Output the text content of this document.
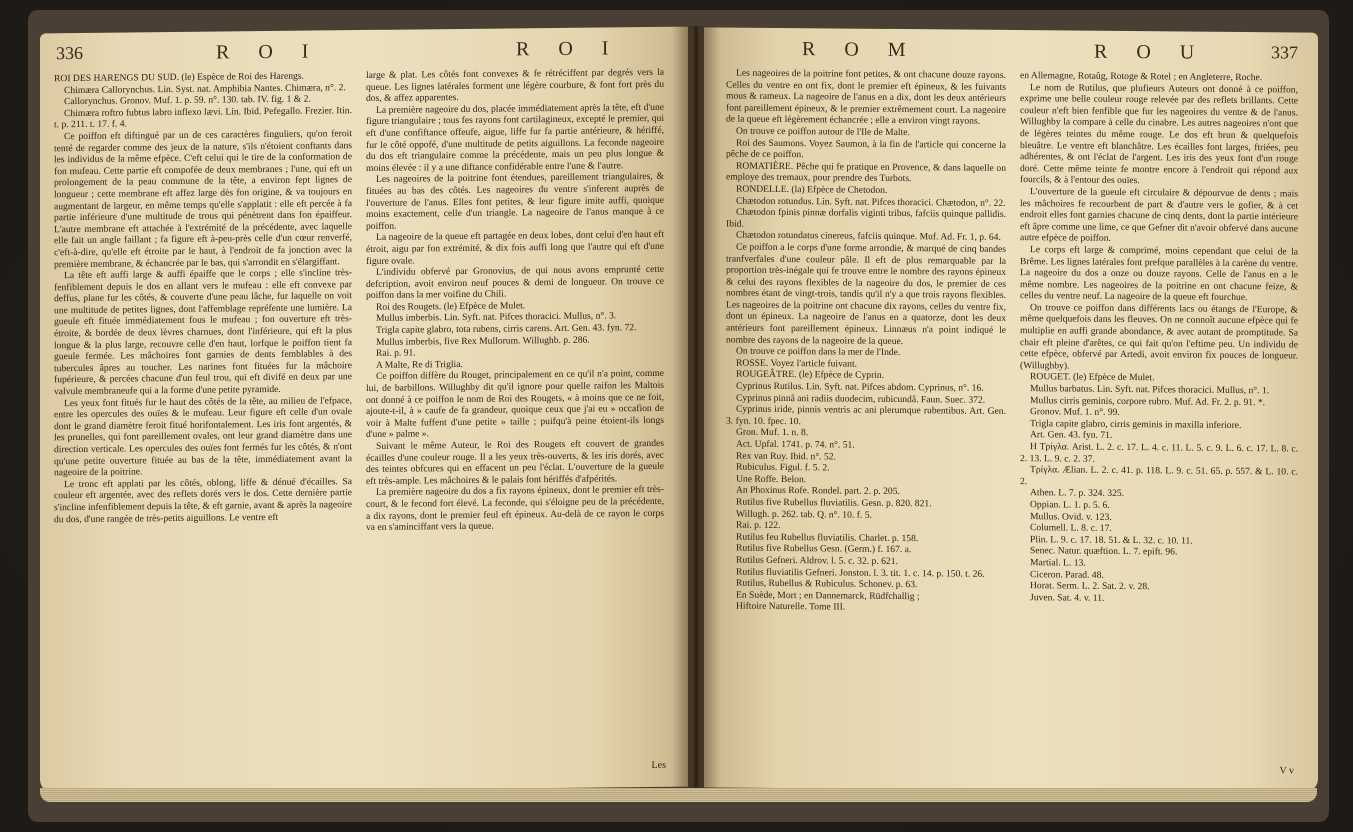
336	R O I	R O I

ROI DES HARENGS DU SUD. (le) Espèce de Roi des Harengs.

Chimæra Callorynchus. Lin. Syst. nat. Amphibia Nantes. Chimæra, n°. 2.

Callorynchus. Gronov. Muf. 1. p. 59. n°. 130. tab. IV. fig. 1 & 2.

Chimæra roftro fubtus labro inflexo lævi. Lin. Ibid. Pefegallo. Frezier. Itin. t. p. 211. t. 17. f. 4.

Ce poiffon eft diftingué par un de ces caractères finguliers, qu'on feroit tenté de regarder comme des jeux de la nature, s'ils n'étoient conftants dans les individus de la même efpèce. C'eft celui qui le tire de la conformation de fon mufeau. Cette partie eft compofée de deux membranes ; l'une, qui eft un prolongement de la peau commune de la tête, a environ fept lignes de longueur ; cette membrane eft affez large dès fon origine, & va toujours en augmentant de largeur, en même temps qu'elle s'applatit : elle eft percée à fa partie inférieure d'une multitude de trous qui pénètrent dans fon épaiffeur. L'autre membrane eft attachée à l'extrémité de la précédente, avec laquelle elle fait un angle faillant ; fa figure eft à-peu-près celle d'un cœur renverfé, c'eft-à-dire, qu'elle eft étroite par le haut, à l'endroit de fa jonction avec la première membrane, & échancrée par le bas, qui s'arrondit en s'élargiffant.

La tête eft auffi large & auffi épaiffe que le corps ; elle s'incline très-fenfiblement depuis le dos en allant vers le mufeau : elle eft convexe par deffus, plane fur les côtés, & couverte d'une peau lâche, fur laquelle on voit une multitude de petites lignes, dont l'affemblage repréfente une lumière. La gueule eft fituée immédiatement fous le mufeau ; fon ouverture eft très-étroite, & bordée de deux lèvres charnues, dont l'inférieure, qui eft la plus longue & la plus large, recouvre celle d'en haut, lorfque le poiffon tient fa gueule fermée. Les mâchoires font garnies de dents femblables à des tubercules âpres au toucher. Les narines font fituées fur la mâchoire fupérieure, & percées chacune d'un feul trou, qui eft divifé en deux par une valvule membraneufe qui a la forme d'une petite pyramide.

Les yeux font fitués fur le haut des côtés de la tête, au milieu de l'efpace, entre les opercules des ouïes & le mufeau. Leur figure eft celle d'un ovale dont le grand diamètre feroit fitué horifontalement. Les iris font argentés, & les prunelles, qui font pareillement ovales, ont leur grand diamètre dans une direction verticale. Les opercules des ouïes font fermés fur les côtés, & n'ont qu'une petite ouverture fituée au bas de la tête, immédiatement avant la nageoire de la poitrine.

Le tronc eft applati par les côtés, oblong, liffe & dénué d'écailles. Sa couleur eft argentée, avec des reflets dorés vers le dos. Cette dernière partie s'incline infenfiblement depuis la tête, & eft garnie, avant & après la nageoire du dos, d'une rangée de très-petits aiguillons. Le ventre eft

large & plat. Les côtés font convexes & fe rétréciffent par degrés vers la queue. Les lignes latérales forment une légère courbure, & font fort près du dos, & affez apparentes.

La première nageoire du dos, placée immédiatement après la tête, eft d'une figure triangulaire ; tous fes rayons font cartilagineux, excepté le premier, qui eft d'une confiftance offeufe, aigue, liffe fur fa partie antérieure, & hériffé, fur le côté oppofé, d'une multitude de petits aiguillons. La feconde nageoire du dos eft triangulaire comme la précédente, mais un peu plus longue & moins élevée : il y a une diftance confidérable entre l'une & l'autre.

Les nageoires de la poitrine font étendues, pareillement triangulaires, & fituées au bas des côtés. Les nageoires du ventre s'inferent auprès de l'ouverture de l'anus. Elles font petites, & leur figure imite auffi, quoique moins exactement, celle d'un triangle. La nageoire de l'anus manque à ce poiffon.

La nageoire de la queue eft partagée en deux lobes, dont celui d'en haut eft étroit, aigu par fon extrémité, & dix fois auffi long que l'autre qui eft d'une figure ovale.

L'individu obfervé par Gronovius, de qui nous avons emprunté cette defcription, avoit environ neuf pouces & demi de longueur. On trouve ce poiffon dans la mer voifine du Chili.

Roi des Rougets. (le) Efpèce de Mulet.

Mullus imberbis. Lin. Syft. nat. Pifces thoracici. Mullus, n°. 3.

Trigla capite glabro, tota rubens, cirris carens. Art. Gen. 43. fyn. 72.

Mullus imberbis, five Rex Mullorum. Willughb. p. 286.

Rai. p. 91.

A Malte, Re di Triglia.

Ce poiffon diffère du Rouget, principalement en ce qu'il n'a point, comme lui, de barbillons. Willughby dit qu'il ignore pour quelle raifon les Maltois ont donné à ce poiffon le nom de Roi des Rougets, « à moins que ce ne foit, ajoute-t-il, à » caufe de fa grandeur, quoique ceux que j'ai eu » occafion de voir à Malte fuffent d'une petite » taille ; puifqu'à peine étoient-ils longs d'une » palme ».

Suivant le même Auteur, le Roi des Rougets eft couvert de grandes écailles d'une couleur rouge. Il a les yeux très-ouverts, & les iris dorés, avec des teintes obfcures qui en effacent un peu l'éclat. L'ouverture de la gueule eft très-ample. Les mâchoires & le palais font hériffés d'afpérités.

La première nageoire du dos a fix rayons épineux, dont le premier eft très-court, & le fecond fort élevé. La feconde, qui s'éloigne peu de la précédente, a dix rayons, dont le premier feul eft épineux. Au-delà de ce rayon le corps va en s'aminciffant vers la queue.

Les
R O M	R O U	337

Les nageoires de la poitrine font petites, & ont chacune douze rayons. Celles du ventre en ont fix, dont le premier eft épineux, & les fuivants mous & rameux. La nageoire de l'anus en a dix, dont les deux antérieurs font pareillement épineux, & le premier extrêmement court. La nageoire de la queue eft légèrement échancrée ; elle a environ vingt rayons.

On trouve ce poiffon autour de l'Ile de Malte.

Roi des Saumons. Voyez Saumon, à la fin de l'article qui concerne la pêche de ce poiffon.

ROMATIÈRE. Pêche qui fe pratique en Provence, & dans laquelle on employe des tremaux, pour prendre des Turbots.

RONDELLE. (la) Efpèce de Chetodon.

Chætodon rotundus. Lin. Syft. nat. Pifces thoracici. Chætodon, n°. 22.

Chætodon fpinis pinnæ dorfalis viginti tribus, fafciis quinque pallidis. Ibid.

Chætodon rotundatus cinereus, fafciis quinque. Muf. Ad. Fr. 1, p. 64.

Ce poiffon a le corps d'une forme arrondie, & marqué de cinq bandes tranfverfales d'une couleur pâle. Il eft de plus remarquable par la proportion très-inégale qui fe trouve entre le nombre des rayons épineux & celui des rayons flexibles de la nageoire du dos, le premier de ces nombres étant de vingt-trois, tandis qu'il n'y a que trois rayons flexibles. Les nageoires de la poitrine ont chacune dix rayons, celles du ventre fix, dont un épineux. La nageoire de l'anus en a quatorze, dont les deux antérieurs font pareillement épineux. Linnæus n'a point indiqué le nombre des rayons de la nageoire de la queue.

On trouve ce poiffon dans la mer de l'Inde.

ROSSE. Voyez l'article fuivant.

ROUGEÂTRE. (le) Efpèce de Cyprin.

Cyprinus Rutilus. Lin. Syft. nat. Pifces abdom. Cyprinus, n°. 16.

Cyprinus pinnâ ani radiis duodecim, rubicundâ. Faun. Suec. 372.

Cyprinus iride, pinnis ventris ac ani plerumque rubentibus. Art. Gen. 3. fyn. 10. fpec. 10.

Gron. Muf. 1. n. 8.

Act. Upfal. 1741. p. 74. n°. 51.

Rex van Ruy. Ibid. n°. 52.

Rubiculus. Figul. f. 5. 2.

Une Roffe. Belon.

An Phoxinus Rofe. Rondel. part. 2. p. 205.

Rutilus five Rubellus fluviatilis. Gesn. p. 820. 821.

Willugh. p. 262. tab. Q. n°. 10. f. 5.

Rai. p. 122.

Rutilus feu Rubellus fluviatilis. Charlet. p. 158.

Rutilus five Rubellus Gesn. (Germ.) f. 167. a.

Rutilus Gefneri. Aldrov. l. 5. c. 32. p. 621.

Rutilus fluviatilis Gefneri. Jonston. l. 3. tit. 1. c. 14. p. 150. t. 26.

Rutilus, Rubellus & Rubiculus. Schonev. p. 63.

En Suède, Mort ; en Dannemarck, Rüdfchallig ;

Hiftoire Naturelle. Tome III.

en Allemagne, Rotaûg, Rotoge & Rotel ; en Angleterre, Roche.

Le nom de Rutilus, que plufieurs Auteurs ont donné à ce poiffon, exprime une belle couleur rouge relevée par des reflets brillants. Cette couleur n'eft bien fenfible que fur les nageoires du ventre & de l'anus. Willughby la compare à celle du cinabre. Les autres nageoires n'ont que de légères teintes du même rouge. Le dos eft brun & quelquefois bleuâtre. Le ventre eft blanchâtre. Les écailles font larges, ftriées, peu adhérentes, & ont l'éclat de l'argent. Les iris des yeux font d'un rouge doré. Cette même teinte fe montre encore à l'endroit qui répond aux fourcils, & à l'entour des ouïes.

L'ouverture de la gueule eft circulaire & dépourvue de dents ; mais les mâchoires fe recourbent de part & d'autre vers le gofier, & à cet endroit elles font garnies chacune de cinq dents, dont la partie intérieure eft âpre comme une lime, ce que Gefner dit n'avoir obfervé dans aucune autre efpèce de poiffon.

Le corps eft large & comprimé, moins cependant que celui de la Brême. Les lignes latérales font prefque parallèles à la carène du ventre. La nageoire du dos a onze ou douze rayons. Celle de l'anus en a le même nombre. Les nageoires de la poitrine en ont chacune feize, & celles du ventre neuf. La nageoire de la queue eft fourchue.

On trouve ce poiffon dans différents lacs ou étangs de l'Europe, & même quelquefois dans les fleuves. On ne connoît aucune efpèce qui fe multiplie en auffi grande abondance, & avec autant de promptitude. Sa chair eft pleine d'arêtes, ce qui fait qu'on l'eftime peu. Un individu de cette efpèce, obfervé par Artedi, avoit environ fix pouces de longueur. (Willughby).

ROUGET. (le) Efpèce de Mulet.

Mullus barbatus. Lin. Syft. nat. Pifces thoracici. Mullus, n°. 1.

Mullus cirris geminis, corpore rubro. Muf. Ad. Fr. 2. p. 91. *.

Gronov. Muf. 1. n°. 99.

Trigla capite glabro, cirris geminis in maxilla inferiore.

Art. Gen. 43. fyn. 71.

H Τρίγλα. Arist. L. 2. c. 17. L. 4. c. 11. L. 5. c. 9. L. 6. c. 17. L. 8. c. 2. 13. L. 9. c. 2. 37.

Τρίγλα. Ælian. L. 2. c. 41. p. 118. L. 9. c. 51. 65. p. 557. & L. 10. c. 2.

Athen. L. 7. p. 324. 325.

Oppian. L. 1. p. 5. 6.

Mullus. Ovid. v. 123.

Columell. L. 8. c. 17.

Plin. L. 9. c. 17. 18. 51. & L. 32. c. 10. 11.

Senec. Natur. quæftion. L. 7. epift. 96.

Martial. L. 13.

Ciceron. Parad. 48.

Horat. Serm. L. 2. Sat. 2. v. 28.

Juven. Sat. 4. v. 11.

V v
